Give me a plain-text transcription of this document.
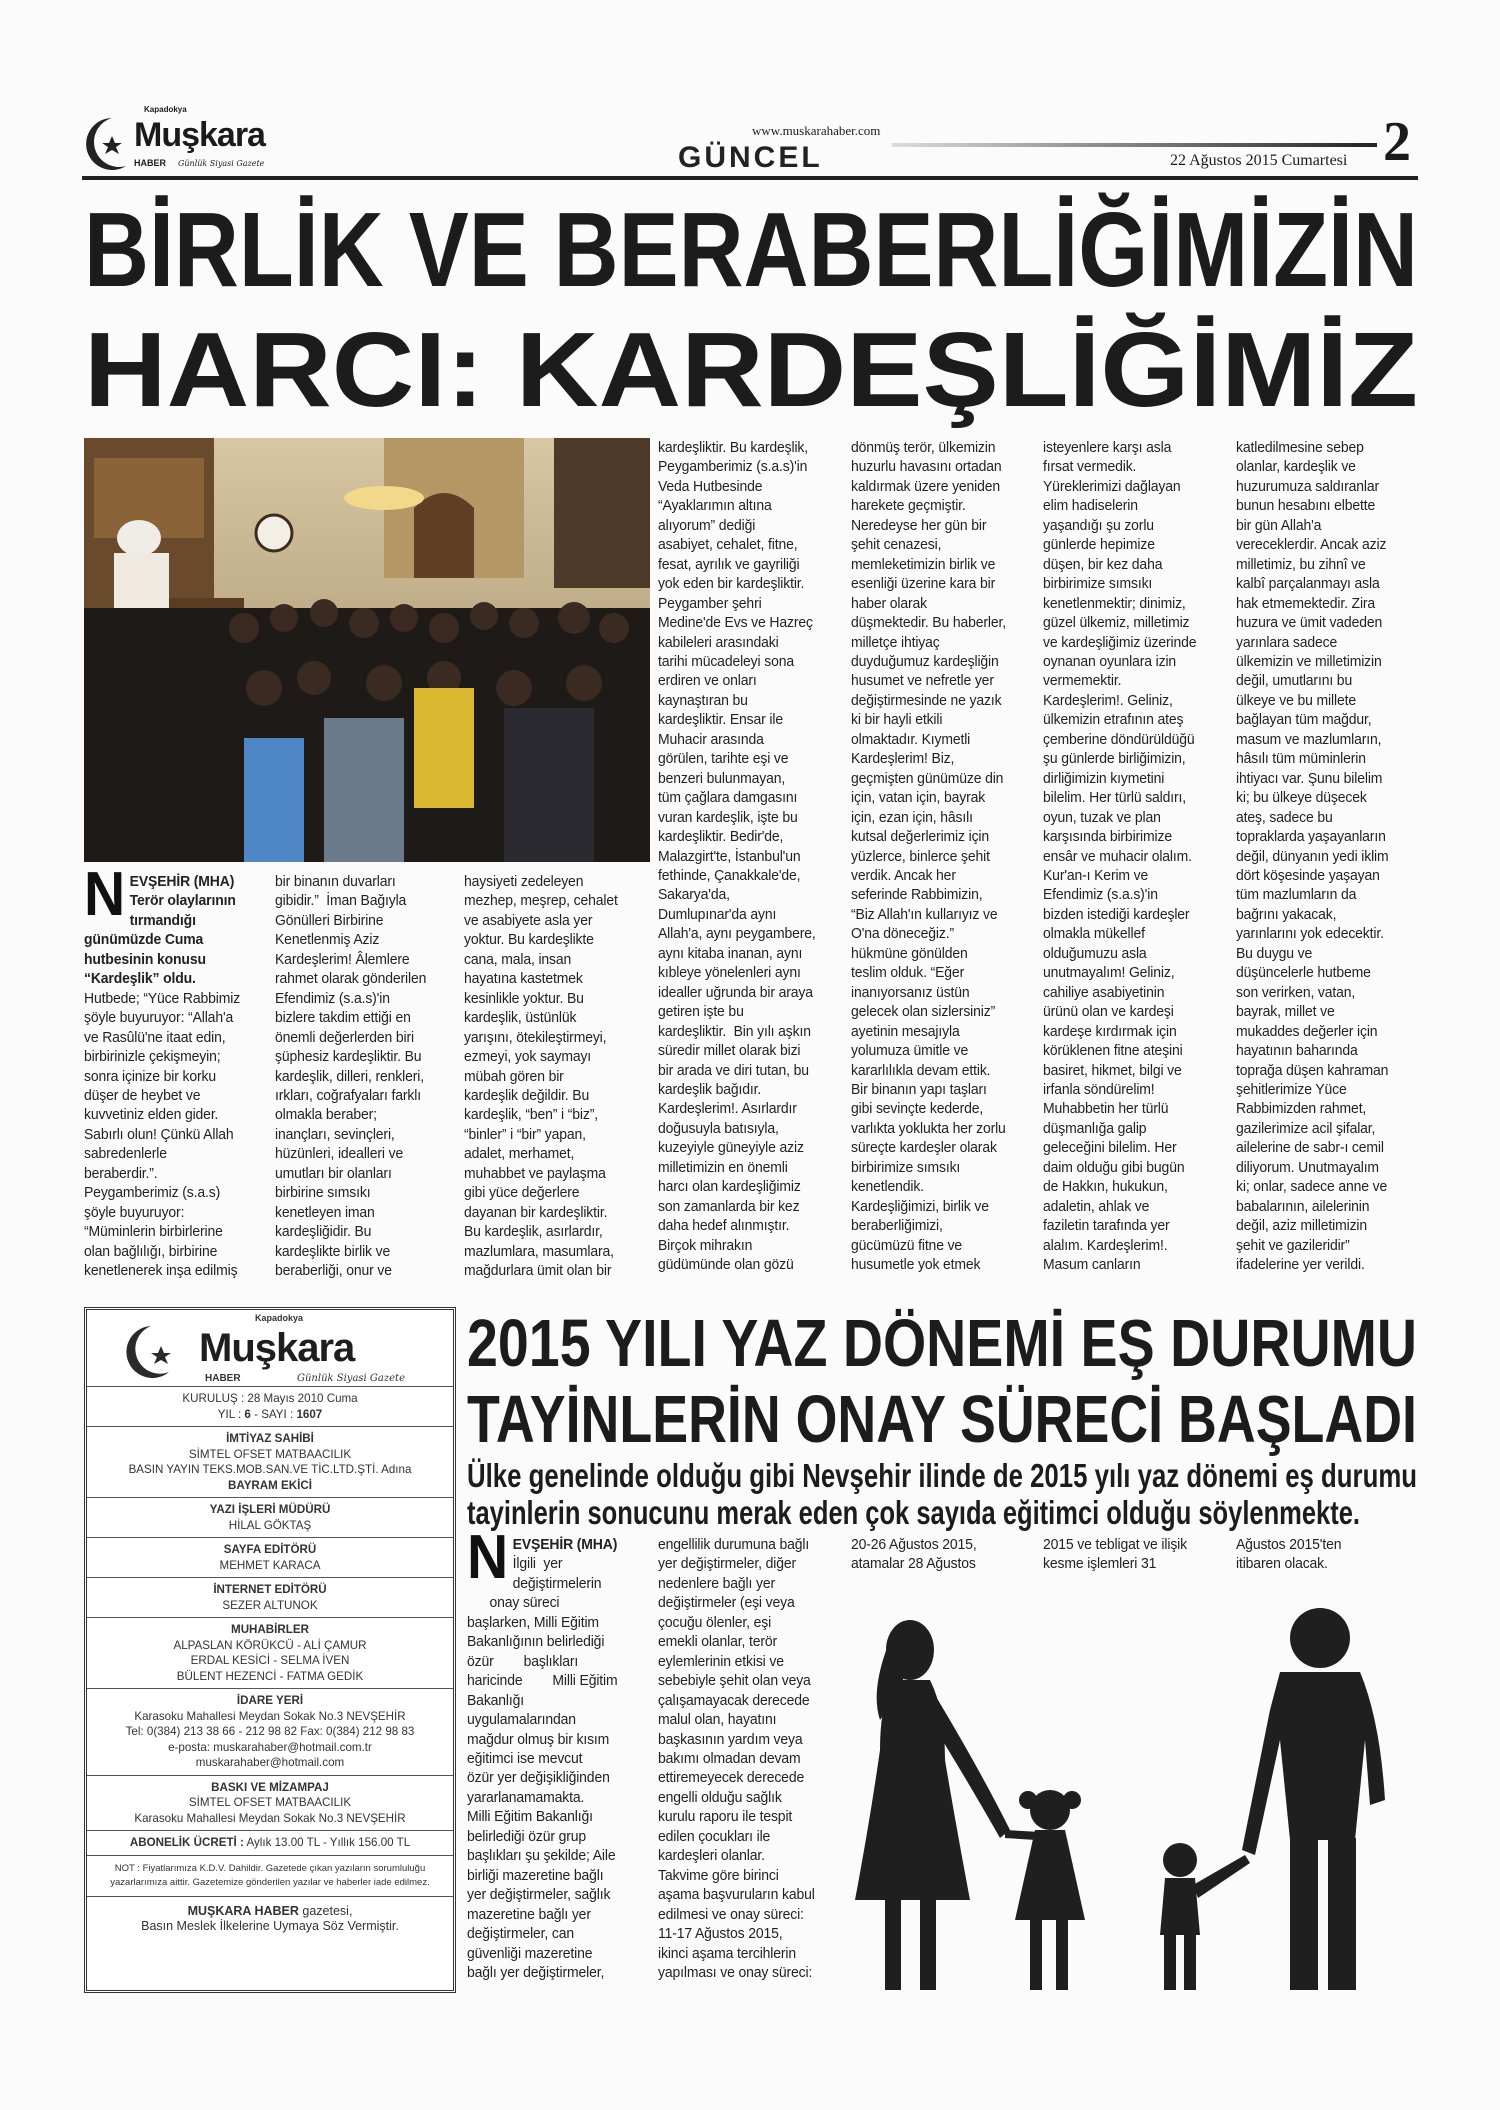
Kapadokya
Muşkara
HABER Günlük Siyasi Gazete	GÜNCEL
www.muskarahaber.com
22 Ağustos 2015 Cumartesi 2
BİRLİK VE BERABERLİĞİMİZİN
HARCI: KARDEŞLİĞİMİZ
NEVŞEHİR (MHA)
Terör olaylarının
tırmandığı
günümüzde Cuma
hutbesinin konusu
“Kardeşlik” oldu.
Hutbede; “Yüce Rabbimiz
şöyle buyuruyor: “Allah'a
ve Rasûlü'ne itaat edin,
birbirinizle çekişmeyin;
sonra içinize bir korku
düşer de heybet ve
kuvvetiniz elden gider.
Sabırlı olun! Çünkü Allah
sabredenlerle
beraberdir.”.
Peygamberimiz (s.a.s)
şöyle buyuruyor:
“Müminlerin birbirlerine
olan bağlılığı, birbirine
kenetlenerek inşa edilmiş
bir binanın duvarları
gibidir.”  İman Bağıyla
Gönülleri Birbirine
Kenetlenmiş Aziz
Kardeşlerim! Âlemlere
rahmet olarak gönderilen
Efendimiz (s.a.s)'in
bizlere takdim ettiği en
önemli değerlerden biri
şüphesiz kardeşliktir. Bu
kardeşlik, dilleri, renkleri,
ırkları, coğrafyaları farklı
olmakla beraber;
inançları, sevinçleri,
hüzünleri, idealleri ve
umutları bir olanları
birbirine sımsıkı
kenetleyen iman
kardeşliğidir. Bu
kardeşlikte birlik ve
beraberliği, onur ve
haysiyeti zedeleyen
mezhep, meşrep, cehalet
ve asabiyete asla yer
yoktur. Bu kardeşlikte
cana, mala, insan
hayatına kastetmek
kesinlikle yoktur. Bu
kardeşlik, üstünlük
yarışını, ötekileştirmeyi,
ezmeyi, yok saymayı
mübah gören bir
kardeşlik değildir. Bu
kardeşlik, “ben” i “biz”,
“binler” i “bir” yapan,
adalet, merhamet,
muhabbet ve paylaşma
gibi yüce değerlere
dayanan bir kardeşliktir.
Bu kardeşlik, asırlardır,
mazlumlara, masumlara,
mağdurlara ümit olan bir
kardeşliktir. Bu kardeşlik,
Peygamberimiz (s.a.s)'in
Veda Hutbesinde
“Ayaklarımın altına
alıyorum” dediği
asabiyet, cehalet, fitne,
fesat, ayrılık ve gayriliği
yok eden bir kardeşliktir.
Peygamber şehri
Medine'de Evs ve Hazreç
kabileleri arasındaki
tarihi mücadeleyi sona
erdiren ve onları
kaynaştıran bu
kardeşliktir. Ensar ile
Muhacir arasında
görülen, tarihte eşi ve
benzeri bulunmayan,
tüm çağlara damgasını
vuran kardeşlik, işte bu
kardeşliktir. Bedir'de,
Malazgirt'te, İstanbul'un
fethinde, Çanakkale'de,
Sakarya'da,
Dumlupınar'da aynı
Allah'a, aynı peygambere,
aynı kitaba inanan, aynı
kıbleye yönelenleri aynı
idealler uğrunda bir araya
getiren işte bu
kardeşliktir.  Bin yılı aşkın
süredir millet olarak bizi
bir arada ve diri tutan, bu
kardeşlik bağıdır.
Kardeşlerim!. Asırlardır
doğusuyla batısıyla,
kuzeyiyle güneyiyle aziz
milletimizin en önemli
harcı olan kardeşliğimiz
son zamanlarda bir kez
daha hedef alınmıştır.
Birçok mihrakın
güdümünde olan gözü
dönmüş terör, ülkemizin
huzurlu havasını ortadan
kaldırmak üzere yeniden
harekete geçmiştir.
Neredeyse her gün bir
şehit cenazesi,
memleketimizin birlik ve
esenliği üzerine kara bir
haber olarak
düşmektedir. Bu haberler,
milletçe ihtiyaç
duyduğumuz kardeşliğin
husumet ve nefretle yer
değiştirmesinde ne yazık
ki bir hayli etkili
olmaktadır. Kıymetli
Kardeşlerim! Biz,
geçmişten günümüze din
için, vatan için, bayrak
için, ezan için, hâsılı
kutsal değerlerimiz için
yüzlerce, binlerce şehit
verdik. Ancak her
seferinde Rabbimizin,
“Biz Allah'ın kullarıyız ve
O'na döneceğiz.”
hükmüne gönülden
teslim olduk. “Eğer
inanıyorsanız üstün
gelecek olan sizlersiniz”
ayetinin mesajıyla
yolumuza ümitle ve
kararlılıkla devam ettik.
Bir binanın yapı taşları
gibi sevinçte kederde,
varlıkta yoklukta her zorlu
süreçte kardeşler olarak
birbirimize sımsıkı
kenetlendik.
Kardeşliğimizi, birlik ve
beraberliğimizi,
gücümüzü fitne ve
husumetle yok etmek
isteyenlere karşı asla
fırsat vermedik.
Yüreklerimizi dağlayan
elim hadiselerin
yaşandığı şu zorlu
günlerde hepimize
düşen, bir kez daha
birbirimize sımsıkı
kenetlenmektir; dinimiz,
güzel ülkemiz, milletimiz
ve kardeşliğimiz üzerinde
oynanan oyunlara izin
vermemektir.
Kardeşlerim!. Geliniz,
ülkemizin etrafının ateş
çemberine döndürüldüğü
şu günlerde birliğimizin,
dirliğimizin kıymetini
bilelim. Her türlü saldırı,
oyun, tuzak ve plan
karşısında birbirimize
ensâr ve muhacir olalım.
Kur'an-ı Kerim ve
Efendimiz (s.a.s)'in
bizden istediği kardeşler
olmakla mükellef
olduğumuzu asla
unutmayalım! Geliniz,
cahiliye asabiyetinin
ürünü olan ve kardeşi
kardeşe kırdırmak için
körüklenen fitne ateşini
basiret, hikmet, bilgi ve
irfanla söndürelim!
Muhabbetin her türlü
düşmanlığa galip
geleceğini bilelim. Her
daim olduğu gibi bugün
de Hakkın, hukukun,
adaletin, ahlak ve
faziletin tarafında yer
alalım. Kardeşlerim!.
Masum canların
katledilmesine sebep
olanlar, kardeşlik ve
huzurumuza saldıranlar
bunun hesabını elbette
bir gün Allah'a
vereceklerdir. Ancak aziz
milletimiz, bu zihnî ve
kalbî parçalanmayı asla
hak etmemektedir. Zira
huzura ve ümit vadeden
yarınlara sadece
ülkemizin ve milletimizin
değil, umutlarını bu
ülkeye ve bu millete
bağlayan tüm mağdur,
masum ve mazlumların,
hâsılı tüm müminlerin
ihtiyacı var. Şunu bilelim
ki; bu ülkeye düşecek
ateş, sadece bu
topraklarda yaşayanların
değil, dünyanın yedi iklim
dört köşesinde yaşayan
tüm mazlumların da
bağrını yakacak,
yarınlarını yok edecektir.
Bu duygu ve
düşüncelerle hutbeme
son verirken, vatan,
bayrak, millet ve
mukaddes değerler için
hayatının baharında
toprağa düşen kahraman
şehitlerimize Yüce
Rabbimizden rahmet,
gazilerimize acil şifalar,
ailelerine de sabr-ı cemil
diliyorum. Unutmayalım
ki; onlar, sadece anne ve
babalarının, ailelerinin
değil, aziz milletimizin
şehit ve gazileridir”
ifadelerine yer verildi.
Kapadokya
Muşkara
HABER	Günlük Siyasi Gazete
KURULUŞ : 28 Mayıs 2010 Cuma
YIL : 6 - SAYI : 1607
İMTİYAZ SAHİBİ
SİMTEL OFSET MATBAACILIK
BASIN YAYIN TEKS.MOB.SAN.VE TİC.LTD.ŞTİ. Adına
BAYRAM EKİCİ
YAZI İŞLERİ MÜDÜRÜ
HİLAL GÖKTAŞ
SAYFA EDİTÖRÜ
MEHMET KARACA
İNTERNET EDİTÖRÜ
SEZER ALTUNOK
MUHABİRLER
ALPASLAN KÖRÜKCÜ - ALİ ÇAMUR
ERDAL KESİCİ - SELMA İVEN
BÜLENT HEZENCİ - FATMA GEDİK
İDARE YERİ
Karasoku Mahallesi Meydan Sokak No.3 NEVŞEHİR
Tel: 0(384) 213 38 66 - 212 98 82 Fax: 0(384) 212 98 83
e-posta: muskarahaber@hotmail.com.tr
muskarahaber@hotmail.com
BASKI VE MİZAMPAJ
SİMTEL OFSET MATBAACILIK
Karasoku Mahallesi Meydan Sokak No.3 NEVŞEHİR
ABONELİK ÜCRETİ : Aylık 13.00 TL - Yıllık 156.00 TL
NOT : Fiyatlarımıza K.D.V. Dahildir. Gazetede çıkan yazıların sorumluluğu yazarlarımıza aittir. Gazetemize gönderilen yazılar ve haberler iade edilmez.
MUŞKARA HABER gazetesi,
Basın Meslek İlkelerine Uymaya Söz Vermiştir.
2015 YILI YAZ DÖNEMİ EŞ DURUMU
TAYİNLERİN ONAY SÜRECİ BAŞLADI
Ülke genelinde olduğu gibi Nevşehir ilinde de 2015 yılı yaz dönemi eş durumu
tayinlerin sonucunu merak eden çok sayıda eğitimci olduğu söylenmekte.
NEVŞEHİR (MHA)
İlgili  yer
değiştirmelerin
onay süreci
başlarken, Milli Eğitim
Bakanlığının belirlediği
özür        başlıkları
haricinde        Milli Eğitim
Bakanlığı
uygulamalarından
mağdur olmuş bir kısım
eğitimci ise mevcut
özür yer değişikliğinden
yararlanamamakta.
Milli Eğitim Bakanlığı
belirlediği özür grup
başlıkları şu şekilde; Aile
birliği mazeretine bağlı
yer değiştirmeler, sağlık
mazeretine bağlı yer
değiştirmeler, can
güvenliği mazeretine
bağlı yer değiştirmeler,
engellilik durumuna bağlı
yer değiştirmeler, diğer
nedenlere bağlı yer
değiştirmeler (eşi veya
çocuğu ölenler, eşi
emekli olanlar, terör
eylemlerinin etkisi ve
sebebiyle şehit olan veya
çalışamayacak derecede
malul olan, hayatını
başkasının yardım veya
bakımı olmadan devam
ettiremeyecek derecede
engelli olduğu sağlık
kurulu raporu ile tespit
edilen çocukları ile
kardeşleri olanlar.
Takvime göre birinci
aşama başvuruların kabul
edilmesi ve onay süreci:
11-17 Ağustos 2015,
ikinci aşama tercihlerin
yapılması ve onay süreci:
20-26 Ağustos 2015,
atamalar 28 Ağustos
2015 ve tebligat ve ilişik
kesme işlemleri 31
Ağustos 2015'ten
itibaren olacak.
